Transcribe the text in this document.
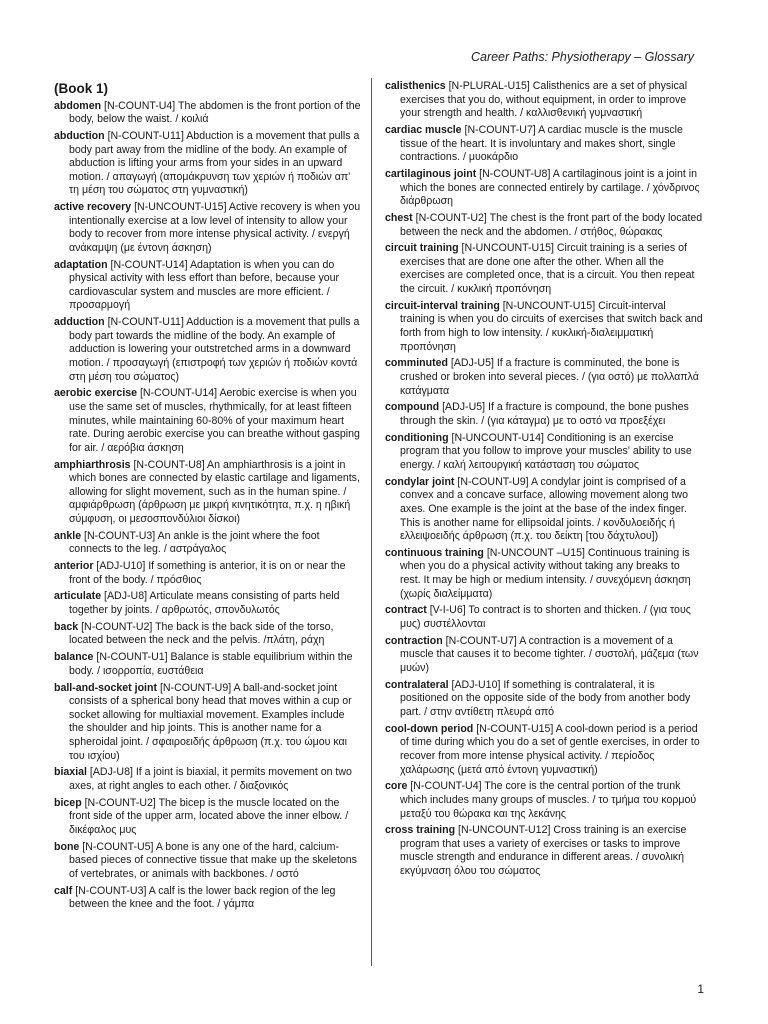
Career Paths: Physiotherapy – Glossary
(Book 1)
abdomen [N-COUNT-U4] The abdomen is the front portion of the body, below the waist. / κοιλιά
abduction [N-COUNT-U11] Abduction is a movement that pulls a body part away from the midline of the body. An example of abduction is lifting your arms from your sides in an upward motion. / απαγωγή (απομάκρυνση των χεριών ή ποδιών απ' τη μέση του σώματος στη γυμναστική)
active recovery [N-UNCOUNT-U15] Active recovery is when you intentionally exercise at a low level of intensity to allow your body to recover from more intense physical activity. / ενεργή ανάκαμψη (με έντονη άσκηση)
adaptation [N-COUNT-U14] Adaptation is when you can do physical activity with less effort than before, because your cardiovascular system and muscles are more efficient. / προσαρμογή
adduction [N-COUNT-U11] Adduction is a movement that pulls a body part towards the midline of the body. An example of adduction is lowering your outstretched arms in a downward motion. / προσαγωγή (επιστροφή των χεριών ή ποδιών κοντά στη μέση του σώματος)
aerobic exercise [N-COUNT-U14] Aerobic exercise is when you use the same set of muscles, rhythmically, for at least fifteen minutes, while maintaining 60-80% of your maximum heart rate. During aerobic exercise you can breathe without gasping for air. / αερόβια άσκηση
amphiarthrosis [N-COUNT-U8] An amphiarthrosis is a joint in which bones are connected by elastic cartilage and ligaments, allowing for slight movement, such as in the human spine. / αμφιάρθρωση (άρθρωση με μικρή κινητικότητα, π.χ. η ηβική σύμφυση, οι μεσοσπονδύλιοι δίσκοι)
ankle [N-COUNT-U3] An ankle is the joint where the foot connects to the leg. / αστράγαλος
anterior [ADJ-U10] If something is anterior, it is on or near the front of the body. / πρόσθιος
articulate [ADJ-U8] Articulate means consisting of parts held together by joints. / αρθρωτός, σπονδυλωτός
back [N-COUNT-U2] The back is the back side of the torso, located between the neck and the pelvis. /πλάτη, ράχη
balance [N-COUNT-U1] Balance is stable equilibrium within the body. / ισορροπία, ευστάθεια
ball-and-socket joint [N-COUNT-U9] A ball-and-socket joint consists of a spherical bony head that moves within a cup or socket allowing for multiaxial movement. Examples include the shoulder and hip joints. This is another name for a spheroidal joint. / σφαιροειδής άρθρωση (π.χ. του ώμου και του ισχίου)
biaxial [ADJ-U8] If a joint is biaxial, it permits movement on two axes, at right angles to each other. / διαξονικός
bicep [N-COUNT-U2] The bicep is the muscle located on the front side of the upper arm, located above the inner elbow. / δικέφαλος μυς
bone [N-COUNT-U5] A bone is any one of the hard, calcium-based pieces of connective tissue that make up the skeletons of vertebrates, or animals with backbones. / οστό
calf [N-COUNT-U3] A calf is the lower back region of the leg between the knee and the foot. / γάμπα
calisthenics [N-PLURAL-U15] Calisthenics are a set of physical exercises that you do, without equipment, in order to improve your strength and health. / καλλισθενική γυμναστική
cardiac muscle [N-COUNT-U7] A cardiac muscle is the muscle tissue of the heart. It is involuntary and makes short, single contractions. / μυοκάρδιο
cartilaginous joint [N-COUNT-U8] A cartilaginous joint is a joint in which the bones are connected entirely by cartilage. / χόνδρινος διάρθρωση
chest [N-COUNT-U2] The chest is the front part of the body located between the neck and the abdomen. / στήθος, θώρακας
circuit training [N-UNCOUNT-U15] Circuit training is a series of exercises that are done one after the other. When all the exercises are completed once, that is a circuit. You then repeat the circuit. / κυκλική προπόνηση
circuit-interval training [N-UNCOUNT-U15] Circuit-interval training is when you do circuits of exercises that switch back and forth from high to low intensity. / κυκλική-διαλειμματική προπόνηση
comminuted [ADJ-U5] If a fracture is comminuted, the bone is crushed or broken into several pieces. / (για οστό) με πολλαπλά κατάγματα
compound [ADJ-U5] If a fracture is compound, the bone pushes through the skin. / (για κάταγμα) με το οστό να προεξέχει
conditioning [N-UNCOUNT-U14] Conditioning is an exercise program that you follow to improve your muscles' ability to use energy. / καλή λειτουργική κατάσταση του σώματος
condylar joint [N-COUNT-U9] A condylar joint is comprised of a convex and a concave surface, allowing movement along two axes. One example is the joint at the base of the index finger. This is another name for ellipsoidal joints. / κονδυλοειδής ή ελλειψοειδής άρθρωση (π.χ. του δείκτη [του δάχτυλου])
continuous training [N-UNCOUNT –U15] Continuous training is when you do a physical activity without taking any breaks to rest. It may be high or medium intensity. / συνεχόμενη άσκηση (χωρίς διαλείμματα)
contract [V-I-U6] To contract is to shorten and thicken. / (για τους μυς) συστέλλονται
contraction [N-COUNT-U7] A contraction is a movement of a muscle that causes it to become tighter. / συστολή, μάζεμα (των μυών)
contralateral [ADJ-U10] If something is contralateral, it is positioned on the opposite side of the body from another body part. / στην αντίθετη πλευρά από
cool-down period [N-COUNT-U15] A cool-down period is a period of time during which you do a set of gentle exercises, in order to recover from more intense physical activity. / περίοδος χαλάρωσης (μετά από έντονη γυμναστική)
core [N-COUNT-U4] The core is the central portion of the trunk which includes many groups of muscles. / το τμήμα του κορμού μεταξύ του θώρακα και της λεκάνης
cross training [N-UNCOUNT-U12] Cross training is an exercise program that uses a variety of exercises or tasks to improve muscle strength and endurance in different areas. / συνολική εκγύμναση όλου του σώματος
1
